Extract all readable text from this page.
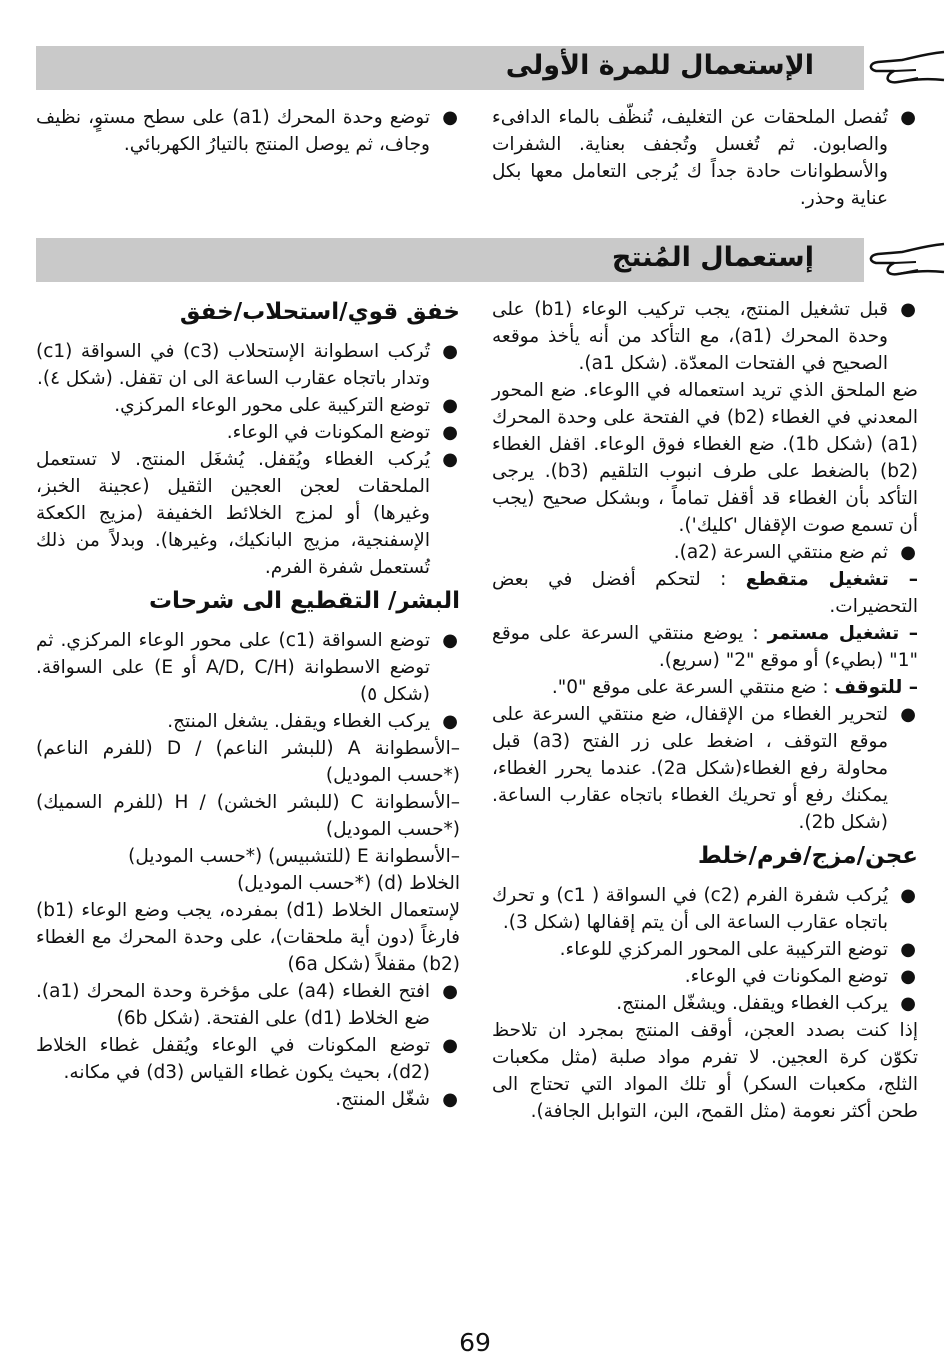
الإستعمال للمرة الأولى
●
تُفصل الملحقات عن التغليف، تُنظّف بالماء الدافىء والصابون. ثم تُغسل وتُجفف بعناية. الشفرات والأسطوانات حادة جداً ك يُرجى التعامل معها بكل عناية وحذر.
●
توضع وحدة المحرك (a1) على سطح مستوٍ، نظيف وجاف، ثم يوصل المنتج بالتيارُ الكهربائي.
إستعمال المُنتج
●
قبل تشغيل المنتج، يجب تركيب الوعاء (b1) على وحدة المحرك (a1)، مع التأكد من أنه يأخذ موقعه الصحيح في الفتحات المعدّة. (شكل a1).

ضع الملحق الذي تريد استعماله في االوعاء. ضع المحور المعدني في الغطاء (b2) في الفتحة على وحدة المحرك (a1) (شكل 1b). ضع الغطاء فوق الوعاء. اقفل الغطاء (b2) بالضغط على طرف انبوب التلقيم (b3). يرجى التأكد بأن الغطاء قد أقفل تماماً ، وبشكل صحيح (يجب أن تسمع صوت الإقفال 'كليك').

●
ثم ضع منتقي السرعة (a2).

– تشغيل متقطع : لتحكم أفضل في بعض التحضيرات.

– تشغيل مستمر : يوضع منتقي السرعة على موقع "1" (بطيء) أو موقع "2" (سريع).

– للتوقف : ضع منتقي السرعة على موقع "0".

●
لتحرير الغطاء من الإقفال، ضع منتقي السرعة على موقع التوقف ، اضغط على زر الفتح (a3) قبل محاولة رفع الغطاء(شكل 2a). عندما يحرر الغطاء، يمكنك رفع أو تحريك الغطاء باتجاه عقارب الساعة. (شكل 2b).
عجن/مزج/فرم/خلط
●
يُركب شفرة الفرم (c2) في السواقة ( c1) و تحرك باتجاه عقارب الساعة الى أن يتم إقفالها (شكل 3).
●
توضع التركيبة على المحور المركزي للوعاء.
●
توضع المكونات في الوعاء.
●
يركب الغطاء ويقفل. ويشغّل المنتج.

إذا كنت بصدد العجن، أوقف المنتج بمجرد ان تلاحظ تكوّن كرة العجين. لا تفرم مواد صلبة (مثل مكعبات الثلج، مكعبات السكر) أو تلك المواد التي تحتاج الى طحن أكثر نعومة (مثل القمح، البن، التوابل الجافة).

خفق قوي/استحلاب/خفق
●
تُركب اسطوانة الإستحلاب (c3) في السواقة (c1) وتدار باتجاه عقارب الساعة الى ان تقفل. (شكل ٤).
●
توضع التركيبة على محور الوعاء المركزي.
●
توضع المكونات في الوعاء.
●
يُركب الغطاء ويُقفل. يُشغَل المنتج. لا تستعمل الملحقات لعجن العجين الثقيل (عجينة الخبز، وغيرها) أو لمزج الخلائط الخفيفة (مزيج الكعكة الإسفنجية، مزيج البانكيك، وغيرها). وبدلاً من ذلك تُستعمل شفرة الفرم.
البشر/ التقطيع الى شرحات
●
توضع السواقة (c1) على محور الوعاء المركزي. ثم توضع الاسطوانة (A/D, C/H أو E) على السواقة. (شكل ٥)
●
يركب الغطاء ويقفل. يشغل المنتج.

–الأسطوانة A (للبشر الناعم) / D (للفرم الناعم) (*حسب الموديل)

–الأسطوانة C (للبشر الخشن) / H (للفرم السميك) (*حسب الموديل)

–الأسطوانة E (للتشبيس) (*حسب الموديل)

الخلاط (d) (*حسب الموديل)

لإستعمال الخلاط (d1) بمفرده، يجب وضع الوعاء (b1) فارغاً (دون أية ملحقات)، على وحدة المحرك مع الغطاء (b2) مقفلاً (شكل 6a)

●
افتح الغطاء (a4) على مؤخرة وحدة المحرك (a1). ضع الخلاط (d1) على الفتحة. (شكل 6b)
●
توضع المكونات في الوعاء ويُقفل غطاء الخلاط (d2)، بحيث يكون غطاء القياس (d3) في مكانه.
●
شغّل المنتج.
69
